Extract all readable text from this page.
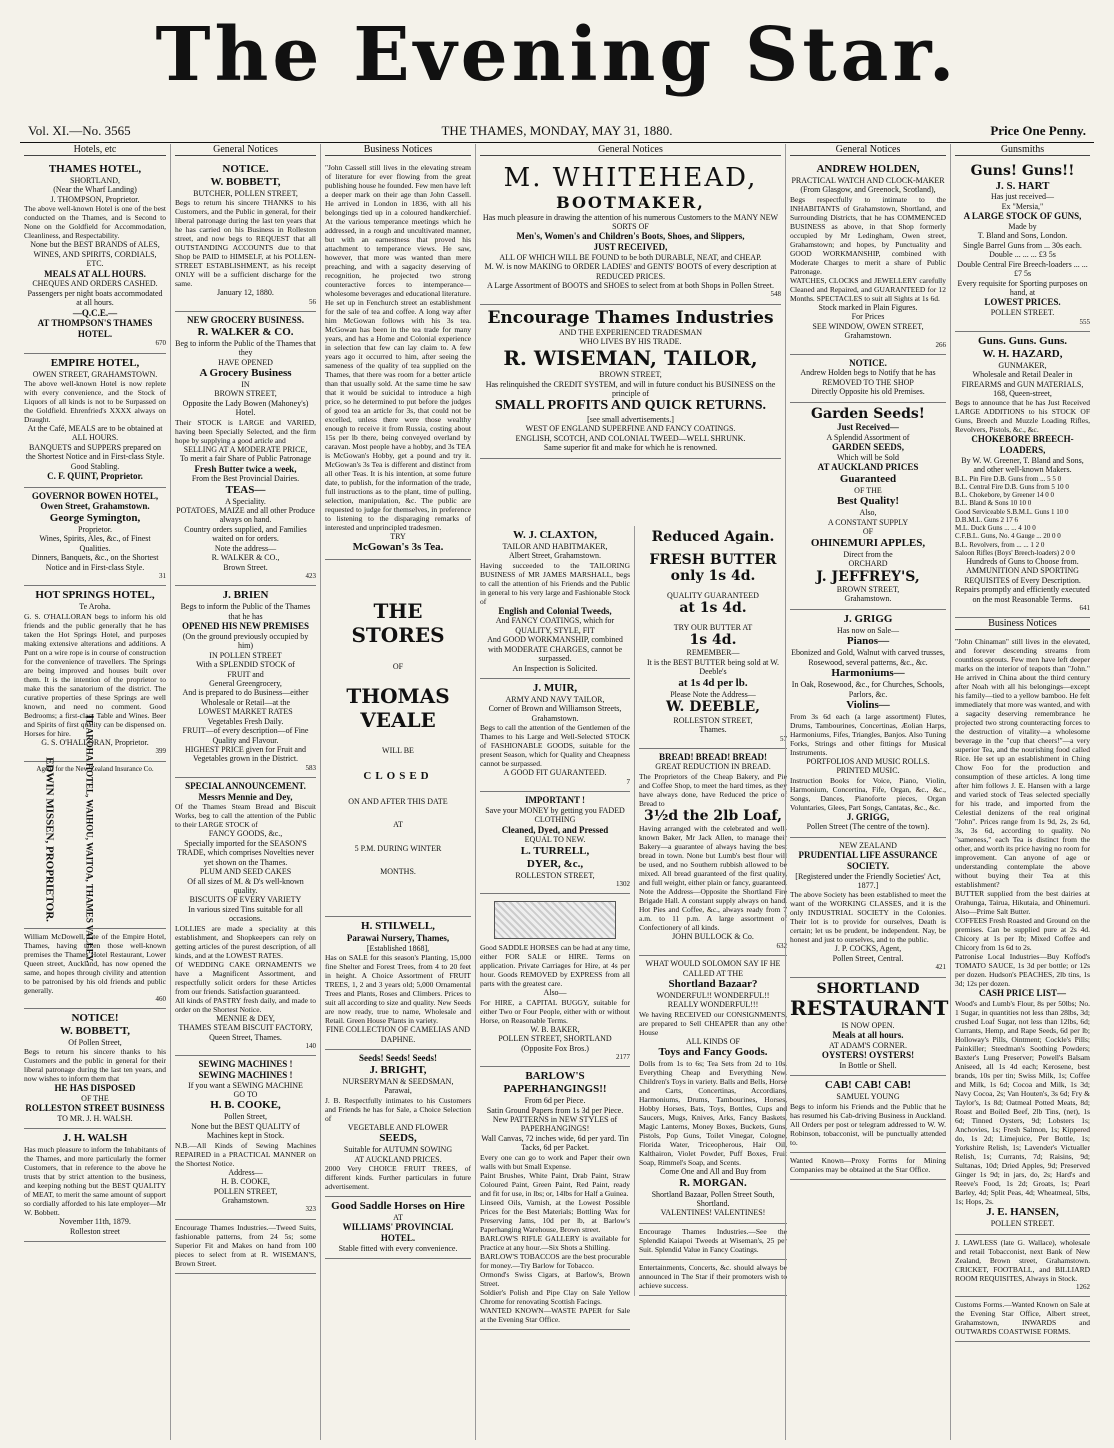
The Evening Star.
Vol. XI.—No. 3565	THE THAMES, MONDAY, MAY 31, 1880.	Price One Penny.
Hotels, etc
THAMES HOTEL,
SHORTLAND,
(Near the Wharf Landing)
J. THOMPSON, Proprietor.
The above well-known Hotel is one of the best conducted on the Thames, and is Second to None on the Goldfield for Accommodation, Cleanliness, and Respectability.
None but the BEST BRANDS of ALES, WINES, AND SPIRITS, CORDIALS, ETC.
MEALS AT ALL HOURS.
CHEQUES AND ORDERS CASHED.
Passengers per night boats accommodated at all hours.
—Q.C.E.—
AT THOMPSON'S THAMES HOTEL.
670
EMPIRE HOTEL,
OWEN STREET, GRAHAMSTOWN.
The above well-known Hotel is now replete with every convenience, and the Stock of Liquors of all kinds is not to be Surpassed on the Goldfield. Ehrenfried's XXXX always on Draught.
At the Café, MEALS are to be obtained at ALL HOURS.
BANQUETS and SUPPERS prepared on the Shortest Notice and in First-class Style.
Good Stabling.
C. F. QUINT, Proprietor.
GOVERNOR BOWEN HOTEL, Owen Street, Grahamstown.
George Symington,
Proprietor.
Wines, Spirits, Ales, &c., of Finest Qualities.
Dinners, Banquets, &c., on the Shortest Notice and in First-class Style.
31
HOT SPRINGS HOTEL,
Te Aroha.
G. S. O'HALLORAN begs to inform his old friends and the public generally that he has taken the Hot Springs Hotel, and purposes making extensive alterations and additions. A Punt on a wire rope is in course of construction for the convenience of travellers. The Springs are being improved and houses built over them. It is the intention of the proprietor to make this the sanatorium of the district. The curative properties of these Springs are well known, and need no comment. Good Bedrooms; a first-class Table and Wines. Beer and Spirits of first quality can be dispensed on. Horses for hire.
G. S. O'HALLORAN, Proprietor.
399
Agent for the New Zealand Insurance Co.
TE AROHA HOTEL, WAIHOU, WAITOA, THAMES VALLEY.
EDWIN MISSEN, PROPRIETOR.
William McDowell, late of the Empire Hotel, Thames, having taken those well-known premises the Thames Hotel Restaurant, Lower Queen street, Auckland, has now opened the same, and hopes through civility and attention to be patronised by his old friends and public generally.
460
NOTICE!
W. BOBBETT,
Of Pollen Street,
Begs to return his sincere thanks to his Customers and the public in general for their liberal patronage during the last ten years, and now wishes to inform them that
HE HAS DISPOSED
OF THE
ROLLESTON STREET BUSINESS
TO MR. J. H. WALSH.
J. H. WALSH
Has much pleasure to inform the Inhabitants of the Thames, and more particularly the former Customers, that in reference to the above he trusts that by strict attention to the business, and keeping nothing but the BEST QUALITY of MEAT, to merit the same amount of support so cordially afforded to his late employer—Mr W. Bobbett.
November 11th, 1879.
Rolleston street
General Notices
NOTICE.
W. BOBBETT,
BUTCHER, POLLEN STREET,
Begs to return his sincere THANKS to his Customers, and the Public in general, for their liberal patronage during the last ten years that he has carried on his Business in Rolleston street, and now begs to REQUEST that all OUTSTANDING ACCOUNTS due to that Shop be PAID to HIMSELF, at his POLLEN-STREET ESTABLISHMENT, as his receipt ONLY will be a sufficient discharge for the same.
January 12, 1880.
56
NEW GROCERY BUSINESS.
R. WALKER & CO.
Beg to inform the Public of the Thames that they
HAVE OPENED
A Grocery Business
IN
BROWN STREET,
Opposite the Lady Bowen (Mahoney's) Hotel.
Their STOCK is LARGE and VARIED, having been Specially Selected, and the firm hope by supplying a good article and
SELLING AT A MODERATE PRICE,
To merit a fair Share of Public Patronage
Fresh Butter twice a week,
From the Best Provincial Dairies.
TEAS—
A Speciality.
POTATOES, MAIZE and all other Produce always on hand.
Country orders supplied, and Families waited on for orders.
Note the address—
R. WALKER & CO.,
Brown Street.
423
J. BRIEN
Begs to inform the Public of the Thames that he has
OPENED HIS NEW PREMISES
(On the ground previously occupied by him)
IN POLLEN STREET
With a SPLENDID STOCK of
FRUIT and
General Greengrocery,
And is prepared to do Business—either Wholesale or Retail—at the
LOWEST MARKET RATES
Vegetables Fresh Daily.
FRUIT—of every description—of Fine Quality and Flavour.
HIGHEST PRICE given for Fruit and Vegetables grown in the District.
583
SPECIAL ANNOUNCEMENT.
Messrs Mennie and Dey,
Of the Thames Steam Bread and Biscuit Works, beg to call the attention of the Public to their LARGE STOCK of
FANCY GOODS, &c.,
Specially imported for the SEASON'S TRADE, which comprises Novelties never yet shown on the Thames.
PLUM AND SEED CAKES
Of all sizes of M. & D's well-known quality.
BISCUITS OF EVERY VARIETY
In various sized Tins suitable for all occasions.
LOLLIES are made a speciality at this establishment, and Shopkeepers can rely on getting articles of the purest description, of all kinds, and at the LOWEST RATES.
Of WEDDING CAKE ORNAMENTS we have a Magnificent Assortment, and respectfully solicit orders for these Articles from our friends. Satisfaction guaranteed.
All kinds of PASTRY fresh daily, and made to order on the Shortest Notice.
MENNIE & DEY,
THAMES STEAM BISCUIT FACTORY,
Queen Street, Thames.
140
SEWING MACHINES !
SEWING MACHINES !
If you want a SEWING MACHINE
GO TO
H. B. COOKE,
Pollen Street,
None but the BEST QUALITY of Machines kept in Stock.
N.B.—All Kinds of Sewing Machines REPAIRED in a PRACTICAL MANNER on the Shortest Notice.
Address—
H. B. COOKE,
POLLEN STREET,
Grahamstown.
323
Encourage Thames Industries.—Tweed Suits, fashionable patterns, from 24 5s; some Superior Fit and Makes on hand from 100 pieces to select from at R. WISEMAN'S, Brown Street.
Business Notices
"John Cassell still lives in the elevating stream of literature for ever flowing from the great publishing house he founded. Few men have left a deeper mark on their age than John Cassell. He arrived in London in 1836, with all his belongings tied up in a coloured handkerchief. At the various temperance meetings which he addressed, in a rough and uncultivated manner, but with an earnestness that proved his attachment to temperance views. He saw, however, that more was wanted than mere preaching, and with a sagacity deserving of recognition, he projected two strong counteractive forces to intemperance—wholesome beverages and educational literature. He set up in Fenchurch street an establishment for the sale of tea and coffee. A long way after him McGowan follows with his 3s tea. McGowan has been in the tea trade for many years, and has a Home and Colonial experience in selection that few can lay claim to. A few years ago it occurred to him, after seeing the sameness of the quality of tea supplied on the Thames, that there was room for a better article than that usually sold. At the same time he saw that it would be suicidal to introduce a high price, so he determined to put before the judges of good tea an article for 3s, that could not be excelled, unless there were those wealthy enough to receive it from Russia, costing about 15s per lb there, being conveyed overland by caravan. Most people have a hobby, and 3s TEA is McGowan's Hobby, get a pound and try it. McGowan's 3s Tea is different and distinct from all other Teas. It is his intention, at some future date, to publish, for the information of the trade, full instructions as to the plant, time of pulling, selection, manipulation, &c. The public are requested to judge for themselves, in preference to listening to the disparaging remarks of interested and unprincipled tradesmen.
TRY
McGowan's 3s Tea.
THE STORES
OF
THOMAS VEALE
WILL BE
CLOSED
ON AND AFTER THIS DATE
AT
5 P.M. DURING WINTER
MONTHS.
H. STILWELL,
Parawai Nursery, Thames,
[Established 1868],
Has on SALE for this season's Planting, 15,000 fine Shelter and Forest Trees, from 4 to 20 feet in height. A Choice Assortment of FRUIT TREES, 1, 2 and 3 years old; 5,000 Ornamental Trees and Plants, Roses and Climbers. Prices to suit all according to size and quality. New Seeds are now ready, true to name, Wholesale and Retail. Green House Plants in variety.
FINE COLLECTION OF CAMELIAS AND DAPHNE.
Seeds! Seeds! Seeds!
J. BRIGHT,
NURSERYMAN & SEEDSMAN,
Parawai,
J. B. Respectfully intimates to his Customers and Friends he has for Sale, a Choice Selection of
VEGETABLE AND FLOWER
SEEDS,
Suitable for AUTUMN SOWING
AT AUCKLAND PRICES.
2000 Very CHOICE FRUIT TREES, of different kinds. Further particulars in future advertisement.
Good Saddle Horses on Hire
AT
WILLIAMS' PROVINCIAL HOTEL.
Stable fitted with every convenience.
General Notices
M. WHITEHEAD,
BOOTMAKER,
Has much pleasure in drawing the attention of his numerous Customers to the MANY NEW SORTS OF
Men's, Women's and Children's Boots, Shoes, and Slippers,
JUST RECEIVED,
ALL OF WHICH WILL BE FOUND to be both DURABLE, NEAT, and CHEAP.
M. W. is now MAKING to ORDER LADIES' and GENTS' BOOTS of every description at REDUCED PRICES.
A Large Assortment of BOOTS and SHOES to select from at both Shops in Pollen Street.
548
Encourage Thames Industries
AND THE EXPERIENCED TRADESMAN
WHO LIVES BY HIS TRADE.
R. WISEMAN, TAILOR,
BROWN STREET,
Has relinquished the CREDIT SYSTEM, and will in future conduct his BUSINESS on the principle of
SMALL PROFITS AND QUICK RETURNS.
[see small advertisements.]
WEST OF ENGLAND SUPERFINE AND FANCY COATINGS.
ENGLISH, SCOTCH, AND COLONIAL TWEED—WELL SHRUNK.
Same superior fit and make for which he is renowned.
W. J. CLAXTON,
TAILOR AND HABITMAKER,
Albert Street, Grahamstown.
Having succeeded to the TAILORING BUSINESS of MR JAMES MARSHALL, begs to call the attention of his Friends and the Public in general to his very large and Fashionable Stock of
English and Colonial Tweeds,
And FANCY COATINGS, which for QUALITY, STYLE, FIT
And GOOD WORKMANSHIP, combined with MODERATE CHARGES, cannot be surpassed.
An Inspection is Solicited.
J. MUIR,
ARMY AND NAVY TAILOR,
Corner of Brown and Williamson Streets, Grahamstown.
Begs to call the attention of the Gentlemen of the Thames to his Large and Well-Selected STOCK of FASHIONABLE GOODS, suitable for the present Season, which for Quality and Cheapness cannot be surpassed.
A GOOD FIT GUARANTEED.
7
IMPORTANT !
Save your MONEY by getting you FADED CLOTHING
Cleaned, Dyed, and Pressed
EQUAL TO NEW.
L. TURRELL,
DYER, &c.,
ROLLESTON STREET,
1302
Good SADDLE HORSES can be had at any time, either FOR SALE or HIRE. Terms on application. Private Carriages for Hire, at 4s per hour. Goods REMOVED by EXPRESS from all parts with the greatest care.
Also—
For HIRE, a CAPITAL BUGGY, suitable for either Two or Four People, either with or without Horse, on Reasonable Terms.
W. B. BAKER,
POLLEN STREET, SHORTLAND
(Opposite Fox Bros.)
2177
BARLOW'S
PAPERHANGINGS!!
From 6d per Piece.
Satin Ground Papers from 1s 3d per Piece.
New PATTERNS in NEW STYLES of PAPERHANGINGS!
Wall Canvas, 72 inches wide, 6d per yard. Tin Tacks, 6d per Packet.
Every one can go to work and Paper their own walls with but Small Expense.
Paint Brushes, White Paint, Drab Paint, Straw Coloured Paint, Green Paint, Red Paint, ready and fit for use, in lbs; or, 14lbs for Half a Guinea.
Linseed Oils, Varnish, at the Lowest Possible Prices for the Best Materials; Bottling Wax for Preserving Jams, 10d per lb, at Barlow's Paperhanging Warehouse, Brown street.
BARLOW'S RIFLE GALLERY is available for Practice at any hour.—Six Shots a Shilling.
BARLOW'S TOBACCOS are the best procurable for money.—Try Barlow for Tobacco.
Ormond's Swiss Cigars, at Barlow's, Brown Street.
Soldier's Polish and Pipe Clay on Sale Yellow Chrome for renovating Scottish Facings.
WANTED KNOWN—WASTE PAPER for Sale at the Evening Star Office.
Reduced Again.
FRESH BUTTER
only 1s 4d.
QUALITY GUARANTEED
at 1s 4d.
TRY OUR BUTTER AT
1s 4d.
REMEMBER—
It is the BEST BUTTER being sold at W. Deeble's
at 1s 4d per lb.
Please Note the Address—
W. DEEBLE,
ROLLESTON STREET,
Thames.
57
BREAD! BREAD! BREAD!
GREAT REDUCTION IN BREAD.
The Proprietors of the Cheap Bakery, and Pie and Coffee Shop, to meet the hard times, as they have always done, have Reduced the price of Bread to
3½d the 2lb Loaf,
Having arranged with the celebrated and well-known Baker, Mr Jack Allen, to manage their Bakery—a guarantee of always having the best bread in town. None but Lumb's best flour will be used, and no Southern rubbish allowed to be mixed. All bread guaranteed of the first quality, and full weight, either plain or fancy, guaranteed. Note the Address—Opposite the Shortland Fire Brigade Hall. A constant supply always on hand. Hot Pies and Coffee, &c., always ready from 7 a.m. to 11 p.m. A large assortment of Confectionery of all kinds.
JOHN BULLOCK & Co.
632
WHAT WOULD SOLOMON SAY IF HE CALLED AT THE
Shortland Bazaar?
WONDERFUL!! WONDERFUL!!
REALLY WONDERFUL!!!
We having RECEIVED our CONSIGNMENTS, are prepared to Sell CHEAPER than any other House
ALL KINDS OF
Toys and Fancy Goods.
Dolls from 1s to 6s; Tea Sets from 2d to 10s. Everything Cheap and Everything New. Children's Toys in variety. Balls and Bells, Horse and Carts, Concertinas, Accordians, Harmoniums, Drums, Tambourines, Horses, Hobby Horses, Bats, Toys, Bottles, Cups and Saucers, Mugs, Knives, Arks, Fancy Baskets, Magic Lanterns, Money Boxes, Buckets, Guns, Pistols, Pop Guns, Toilet Vinegar, Cologne, Florida Water, Triceopherous, Hair Oil, Kalthairon, Violet Powder, Puff Boxes, Fruit Soap, Rimmel's Soap, and Scents.
Come One and All and Buy from
R. MORGAN.
Shortland Bazaar, Pollen Street South, Shortland.
VALENTINES! VALENTINES!
Encourage Thames Industries.—See the Splendid Kaiapoi Tweeds at Wiseman's, 25 per Suit. Splendid Value in Fancy Coatings.
Entertainments, Concerts, &c. should always be announced in The Star if their promoters wish to achieve success.
General Notices
ANDREW HOLDEN,
PRACTICAL WATCH AND CLOCK-MAKER
(From Glasgow, and Greenock, Scotland),
Begs respectfully to intimate to the INHABITANTS of Grahamstown, Shortland, and Surrounding Districts, that he has COMMENCED BUSINESS as above, in that Shop formerly occupied by Mr Ledingham, Owen street, Grahamstown; and hopes, by Punctuality and GOOD WORKMANSHIP, combined with Moderate Charges to merit a share of Public Patronage.
WATCHES, CLOCKS and JEWELLERY carefully Cleaned and Repaired, and GUARANTEED for 12 Months. SPECTACLES to suit all Sights at 1s 6d.
Stock marked in Plain Figures.
For Prices
SEE WINDOW, OWEN STREET,
Grahamstown.
266
NOTICE.
Andrew Holden begs to Notify that he has
REMOVED TO THE SHOP
Directly Opposite his old Premises.
Garden Seeds!
Just Received—
A Splendid Assortment of
GARDEN SEEDS,
Which will be Sold
AT AUCKLAND PRICES
Guaranteed
OF THE
Best Quality!
Also,
A CONSTANT SUPPLY
OF
OHINEMURI APPLES,
Direct from the
ORCHARD
J. JEFFREY'S,
BROWN STREET,
Grahamstown.
J. GRIGG
Has now on Sale—
Pianos—
Ebonized and Gold, Walnut with carved trusses, Rosewood, several patterns, &c., &c.
Harmoniums—
In Oak, Rosewood, &c., for Churches, Schools, Parlors, &c.
Violins—
From 3s 6d each (a large assortment) Flutes, Drums, Tambourines, Concertinas, Æolian Harps, Harmoniums, Fifes, Triangles, Banjos. Also Tuning Forks, Strings and other fittings for Musical Instruments.
PORTFOLIOS AND MUSIC ROLLS.
PRINTED MUSIC.
Instruction Books for Voice, Piano, Violin, Harmonium, Concertina, Fife, Organ, &c., &c., Songs, Dances, Pianoforte pieces, Organ Voluntaries, Glees, Part Songs, Cantatas, &c., &c.
J. GRIGG,
Pollen Street (The centre of the town).
NEW ZEALAND
PRUDENTIAL LIFE ASSURANCE SOCIETY.
[Registered under the Friendly Societies' Act, 1877.]
The above Society has been established to meet the want of the WORKING CLASSES, and it is the only INDUSTRIAL SOCIETY in the Colonies. Their lot is to provide for ourselves, Death is certain; let us be prudent, be independent. Nay, be honest and just to ourselves, and to the public.
J. P. COCKS, Agent,
Pollen Street, Central.
421
SHORTLAND
RESTAURANT
IS NOW OPEN.
Meals at all hours.
AT ADAM'S CORNER.
OYSTERS! OYSTERS!
In Bottle or Shell.
CAB! CAB! CAB!
SAMUEL YOUNG
Begs to inform his Friends and the Public that he has resumed his Cab-driving Business in Auckland. All Orders per post or telegram addressed to W. W. Robinson, tobacconist, will be punctually attended to.
Wanted Known—Proxy Forms for Mining Companies may be obtained at the Star Office.
Gunsmiths
Guns! Guns!!
J. S. HART
Has just received—
Ex "Mersia,"
A LARGE STOCK OF GUNS,
Made by
T. Bland and Sons, London.
Single Barrel Guns from ... 30s each.
Double ... ... ... £3 5s
Double Central Fire Breech-loaders ... ... £7 5s
Every requisite for Sporting purposes on hand, at
LOWEST PRICES.
POLLEN STREET.
555
Guns. Guns. Guns.
W. H. HAZARD,
GUNMAKER,
Wholesale and Retail Dealer in FIREARMS and GUN MATERIALS, 168, Queen-street,
Begs to announce that he has Just Received LARGE ADDITIONS to his STOCK OF Guns, Breech and Muzzle Loading Rifles, Revolvers, Pistols, &c., &c.
CHOKEBORE BREECH-LOADERS,
By W. W. Greener, T. Bland and Sons, and other well-known Makers.
B.L. Pin Fire D.B. Guns from ... 5 5 0
B.L. Central Fire D.B. Guns from 5 10 0
B.L. Chokebore, by Greener 14 0 0
B.L. Bland & Sons 10 10 0
Good Serviceable S.B.M.L. Guns 1 10 0
D.B.M.L. Guns 2 17 6
M.L. Duck Guns ... ... 4 10 0
C.F.B.L. Guns, No. 4 Gauge ... 20 0 0
B.L. Revolvers, from ... ... 1 2 0
Saloon Rifles (Boys' Breech-loaders) 2 0 0
Hundreds of Guns to Choose from.
AMMUNITION AND SPORTING REQUISITES of Every Description.
Repairs promptly and efficiently executed on the most Reasonable Terms.
641
Business Notices
"John Chinaman" still lives in the elevated, and forever descending streams from countless sprouts. Few men have left deeper marks on the interior of teapots than "John." He arrived in China about the third century after Noah with all his belongings—except his family—tied to a yellow bamboo. He felt immediately that more was wanted, and with a sagacity deserving remembrance he projected two strong counteracting forces to the destruction of vitality—a wholesome beverage in the "cup that cheers!"—a very superior Tea, and the nourishing food called Rice. He set up an establishment in Ching Chow Foo for the production and consumption of these articles. A long time after him follows J. E. Hansen with a large and varied stock of Teas selected specially for his trade, and imported from the Celestial denizens of the real original "John". Prices range from 1s 9d, 2s, 2s 6d, 3s, 3s 6d, according to quality. No "sameness," each Tea is distinct from the other, and worth its price having no room for improvement. Can anyone of age or understanding contemplate the above without buying their Tea at this establishment?
BUTTER supplied from the best dairies at Orahunga, Tairua, Hikutaia, and Ohinemuri. Also—Prime Salt Butter.
COFFEES Fresh Roasted and Ground on the premises. Can be supplied pure at 2s 4d. Chicory at 1s per lb; Mixed Coffee and Chicory from 1s 6d to 2s.
Patronise Local Industries—Buy Koffod's TOMATO SAUCE, 1s 3d per bottle; or 12s per dozen. Hudson's PEACHES, 2lb tins, 1s 3d; 12s per dozen.
CASH PRICE LIST—
Wood's and Lumb's Flour, 8s per 50lbs; No. 1 Sugar, in quantities not less than 28lbs, 3d; crushed Loaf Sugar, not less than 12lbs, 6d; Currants, Hemp, and Rape Seeds, 6d per lb; Holloway's Pills, Ointment; Cockle's Pills; Painkiller; Steedman's Soothing Powders; Baxter's Lung Preserver; Powell's Balsam Aniseed, all 1s 4d each; Kerosene, best brands, 10s per tin; Swiss Milk, 1s; Coffee and Milk, 1s 6d; Cocoa and Milk, 1s 3d; Navy Cocoa, 2s; Van Houten's, 3s 6d; Fry & Taylor's, 1s 8d; Oatmeal Potted Meats, 8d; Roast and Boiled Beef, 2lb Tins, (net), 1s 6d; Tinned Oysters, 9d; Lobsters 1s; Anchovies, 1s; Fresh Salmon, 1s; Kippered do, 1s 2d; Limejuice, Per Bottle, 1s; Yorkshire Relish, 1s; Lavender's Victualler Relish, 1s; Currants, 7d; Raisins, 9d; Sultanas, 10d; Dried Apples, 9d; Preserved Ginger 1s 9d; in jars, do, 2s; Hard's and Reeve's Food, 1s 2d; Groats, 1s; Pearl Barley, 4d; Split Peas, 4d; Wheatmeal, 5lbs, 1s; Hops, 2s.
J. E. HANSEN,
POLLEN STREET.
J. LAWLESS (late G. Wallace), wholesale and retail Tobacconist, next Bank of New Zealand, Brown street, Grahamstown. CRICKET, FOOTBALL, and BILLIARD ROOM REQUISITES, Always in Stock.
1262
Customs Forms.—Wanted Known on Sale at the Evening Star Office, Albert street, Grahamstown, INWARDS and OUTWARDS COASTWISE FORMS.
